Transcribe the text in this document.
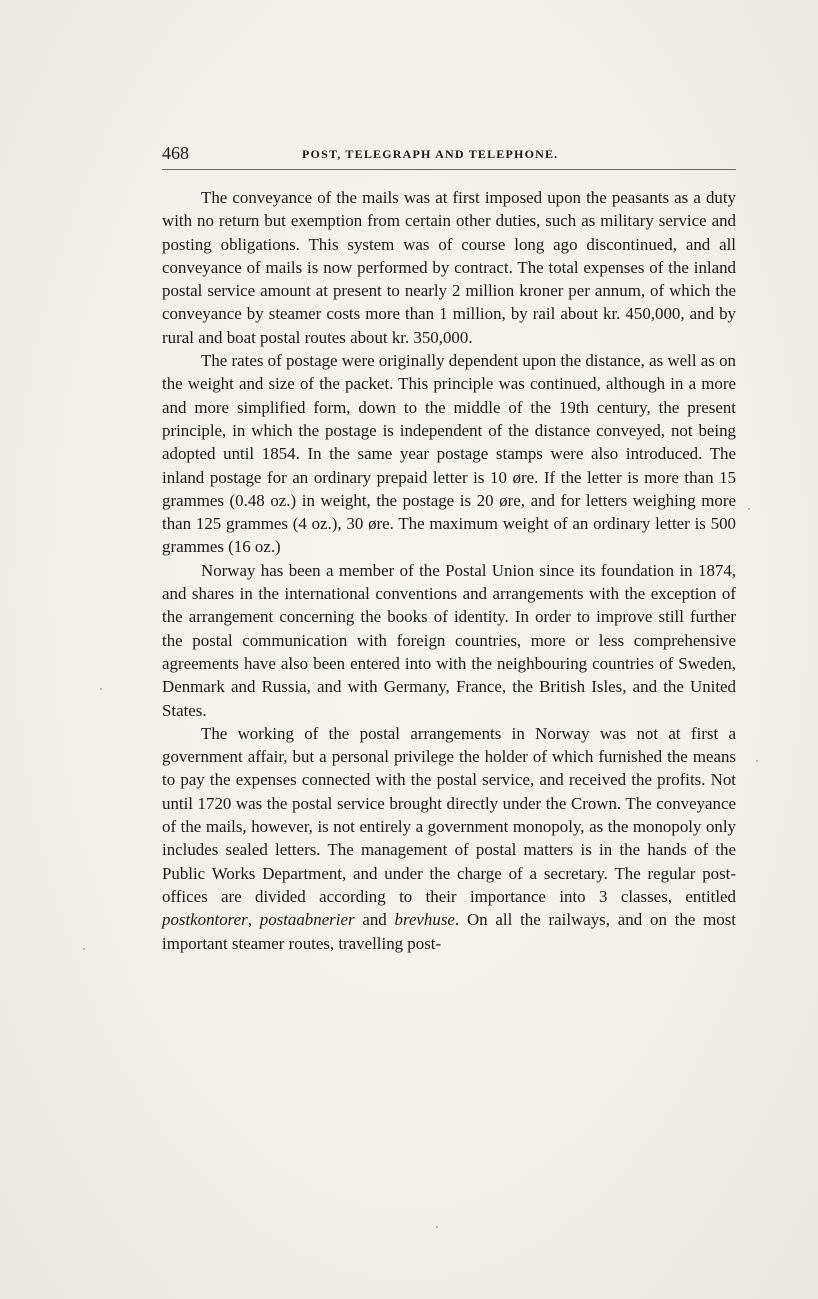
468	POST, TELEGRAPH AND TELEPHONE.

The conveyance of the mails was at first imposed upon the peasants as a duty with no return but exemption from certain other duties, such as military service and posting obligations. This system was of course long ago discontinued, and all conveyance of mails is now performed by contract. The total expenses of the inland postal service amount at present to nearly 2 million kroner per annum, of which the conveyance by steamer costs more than 1 million, by rail about kr. 450,000, and by rural and boat postal routes about kr. 350,000.

The rates of postage were originally dependent upon the distance, as well as on the weight and size of the packet. This principle was continued, although in a more and more simplified form, down to the middle of the 19th century, the present principle, in which the postage is independent of the distance conveyed, not being adopted until 1854. In the same year postage stamps were also introduced. The inland postage for an ordinary prepaid letter is 10 øre. If the letter is more than 15 grammes (0.48 oz.) in weight, the postage is 20 øre, and for letters weighing more than 125 grammes (4 oz.), 30 øre. The maximum weight of an ordinary letter is 500 grammes (16 oz.)

Norway has been a member of the Postal Union since its foundation in 1874, and shares in the international conventions and arrangements with the exception of the arrangement concerning the books of identity. In order to improve still further the postal communication with foreign countries, more or less comprehensive agreements have also been entered into with the neighbouring countries of Sweden, Denmark and Russia, and with Germany, France, the British Isles, and the United States.

The working of the postal arrangements in Norway was not at first a government affair, but a personal privilege the holder of which furnished the means to pay the expenses connected with the postal service, and received the profits. Not until 1720 was the postal service brought directly under the Crown. The conveyance of the mails, however, is not entirely a government monopoly, as the monopoly only includes sealed letters. The management of postal matters is in the hands of the Public Works Department, and under the charge of a secretary. The regular post-offices are divided according to their importance into 3 classes, entitled postkontorer, postaabnerier and brevhuse. On all the railways, and on the most important steamer routes, travelling post-
